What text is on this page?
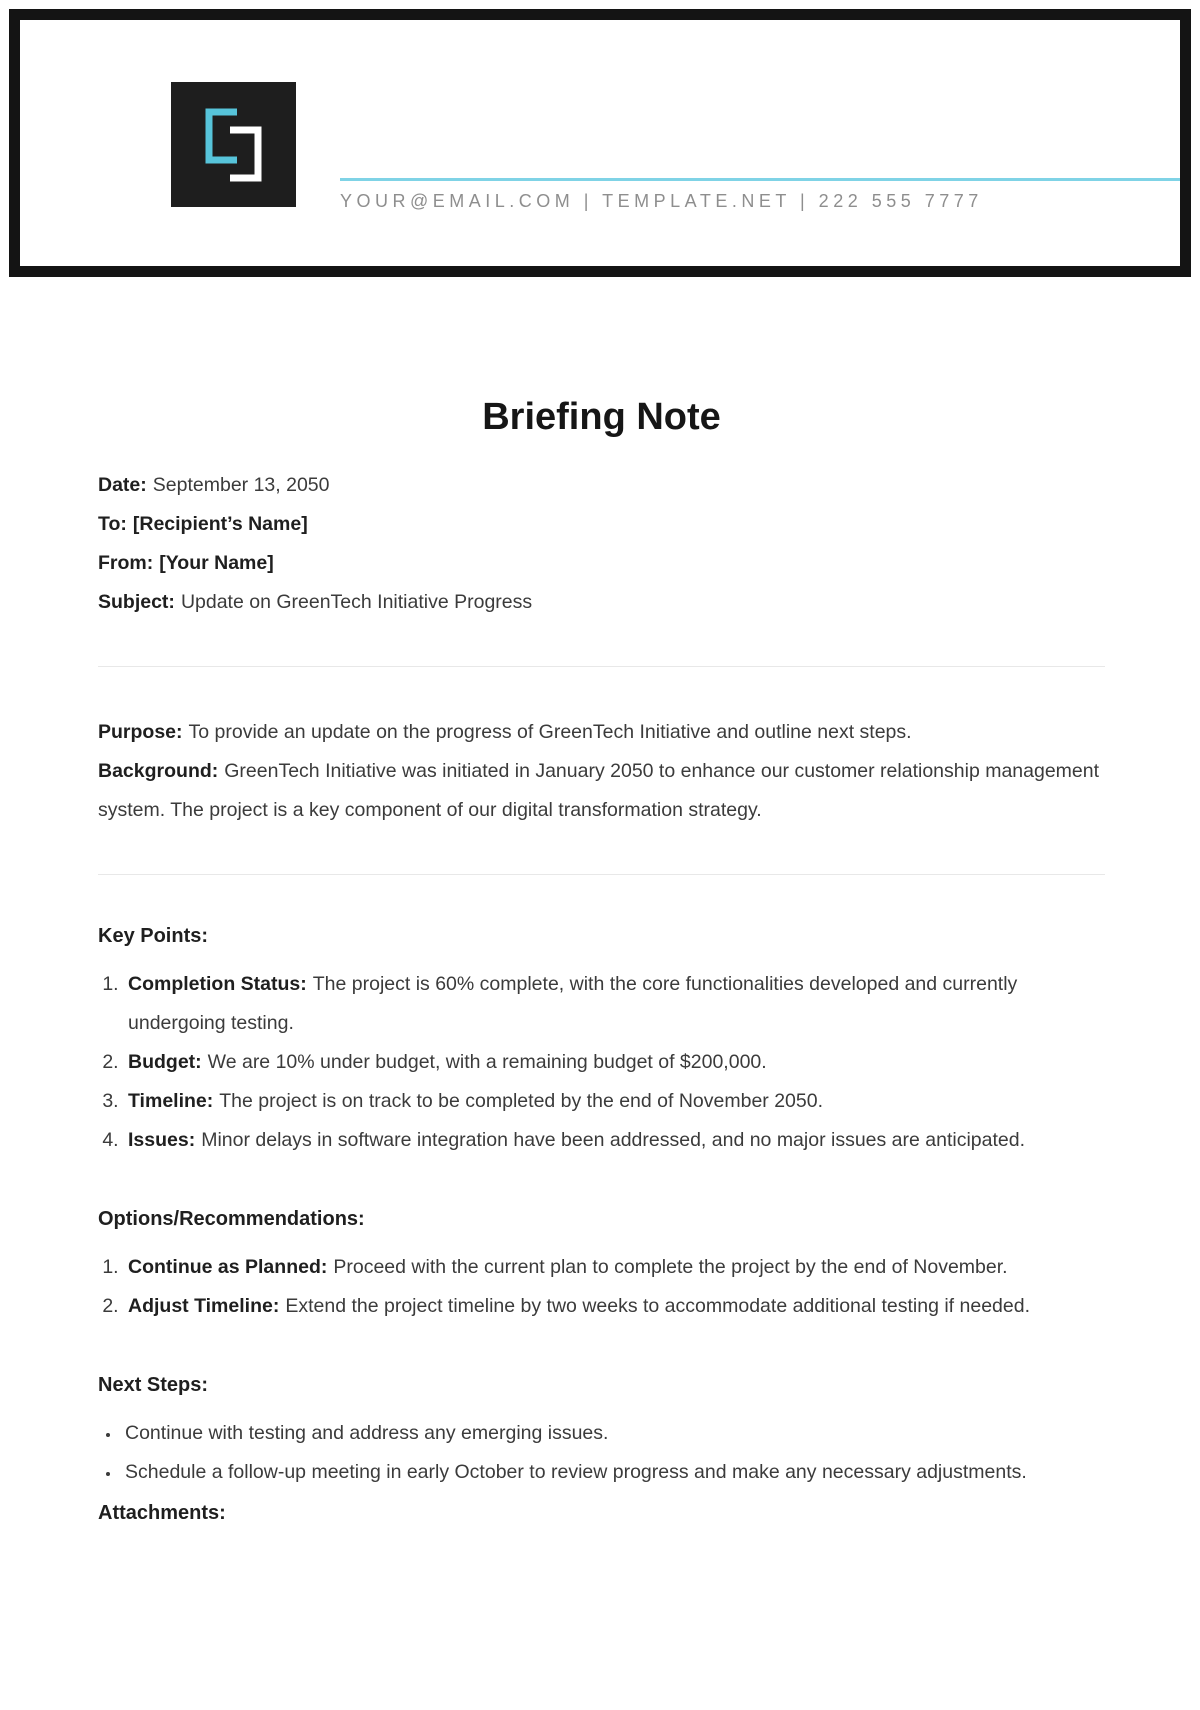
YOUR@EMAIL.COM | TEMPLATE.NET | 222 555 7777
Briefing Note

Date: September 13, 2050

To: [Recipient’s Name]

From: [Your Name]

Subject: Update on GreenTech Initiative Progress

Purpose: To provide an update on the progress of GreenTech Initiative and outline next steps.

Background: GreenTech Initiative was initiated in January 2050 to enhance our customer relationship management system. The project is a key component of our digital transformation strategy.

Key Points:
1. Completion Status: The project is 60% complete, with the core functionalities developed and currently undergoing testing.
2. Budget: We are 10% under budget, with a remaining budget of $200,000.
3. Timeline: The project is on track to be completed by the end of November 2050.
4. Issues: Minor delays in software integration have been addressed, and no major issues are anticipated.
Options/Recommendations:
1. Continue as Planned: Proceed with the current plan to complete the project by the end of November.
2. Adjust Timeline: Extend the project timeline by two weeks to accommodate additional testing if needed.
Next Steps:
• Continue with testing and address any emerging issues.
• Schedule a follow-up meeting in early October to review progress and make any necessary adjustments.
Attachments:
